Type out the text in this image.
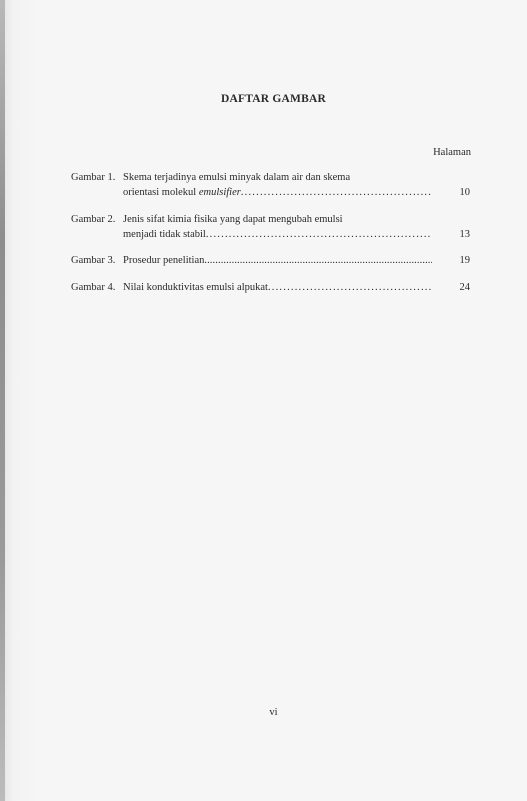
DAFTAR GAMBAR
Halaman
Gambar 1. Skema terjadinya emulsi minyak dalam air dan skema
orientasi molekul emulsifier .....	10
Gambar 2. Jenis sifat kimia fisika yang dapat mengubah emulsi
menjadi tidak stabil .....	13
Gambar 3. Prosedur penelitian .....	19
Gambar 4. Nilai konduktivitas emulsi alpukat .....	24
vi
